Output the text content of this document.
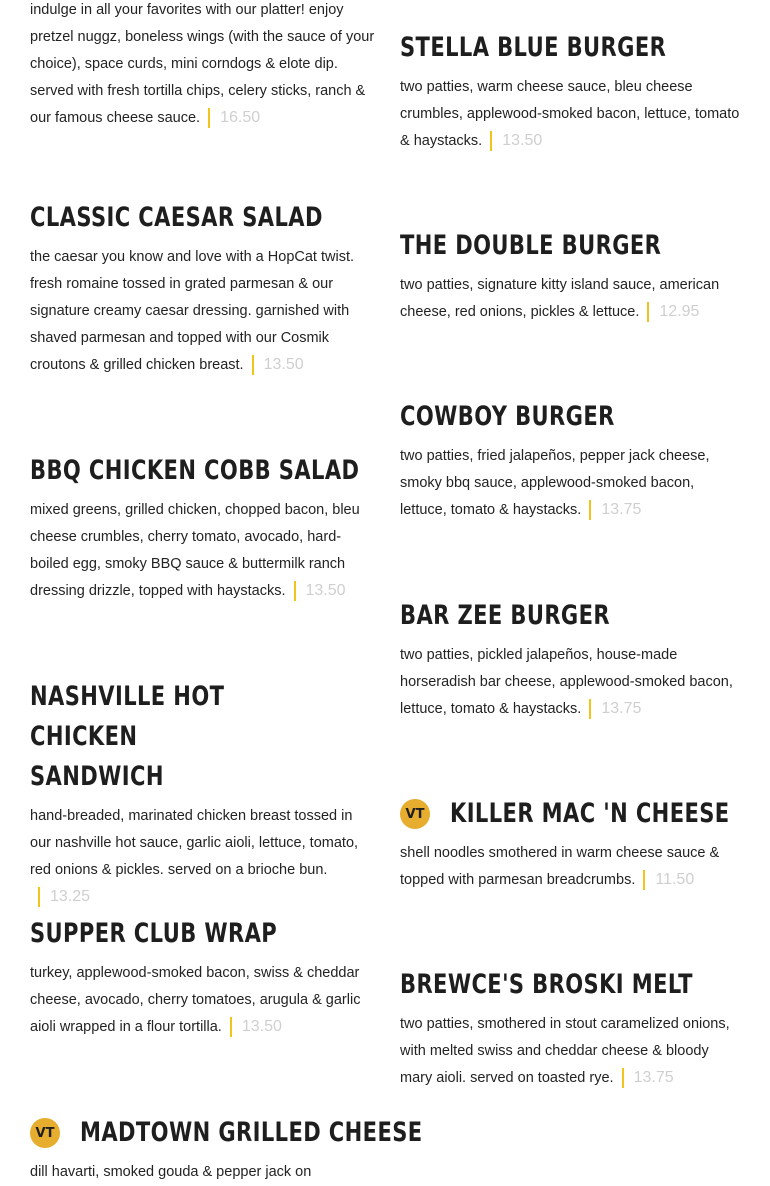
indulge in all your favorites with our platter! enjoy pretzel nuggz, boneless wings (with the sauce of your choice), space curds, mini corndogs & elote dip. served with fresh tortilla chips, celery sticks, ranch & our famous cheese sauce. 16.50
CLASSIC CAESAR SALAD
the caesar you know and love with a HopCat twist. fresh romaine tossed in grated parmesan & our signature creamy caesar dressing. garnished with shaved parmesan and topped with our Cosmik croutons & grilled chicken breast. 13.50
BBQ CHICKEN COBB SALAD
mixed greens, grilled chicken, chopped bacon, bleu cheese crumbles, cherry tomato, avocado, hard-boiled egg, smoky BBQ sauce & buttermilk ranch dressing drizzle, topped with haystacks. 13.50
NASHVILLE HOT CHICKEN SANDWICH
hand-breaded, marinated chicken breast tossed in our nashville hot sauce, garlic aioli, lettuce, tomato, red onions & pickles. served on a brioche bun.13.25
SUPPER CLUB WRAP
turkey, applewood-smoked bacon, swiss & cheddar cheese, avocado, cherry tomatoes, arugula & garlic aioli wrapped in a flour tortilla. 13.50
VT MADTOWN GRILLED CHEESE
dill havarti, smoked gouda & pepper jack on
STELLA BLUE BURGER
two patties, warm cheese sauce, bleu cheese crumbles, applewood-smoked bacon, lettuce, tomato & haystacks. 13.50
THE DOUBLE BURGER
two patties, signature kitty island sauce, american cheese, red onions, pickles & lettuce. 12.95
COWBOY BURGER
two patties, fried jalapeños, pepper jack cheese, smoky bbq sauce, applewood-smoked bacon, lettuce, tomato & haystacks. 13.75
BAR ZEE BURGER
two patties, pickled jalapeños, house-made horseradish bar cheese, applewood-smoked bacon, lettuce, tomato & haystacks. 13.75
VT KILLER MAC 'N CHEESE
shell noodles smothered in warm cheese sauce & topped with parmesan breadcrumbs. 11.50
BREWCE'S BROSKI MELT
two patties, smothered in stout caramelized onions, with melted swiss and cheddar cheese & bloody mary aioli. served on toasted rye. 13.75
